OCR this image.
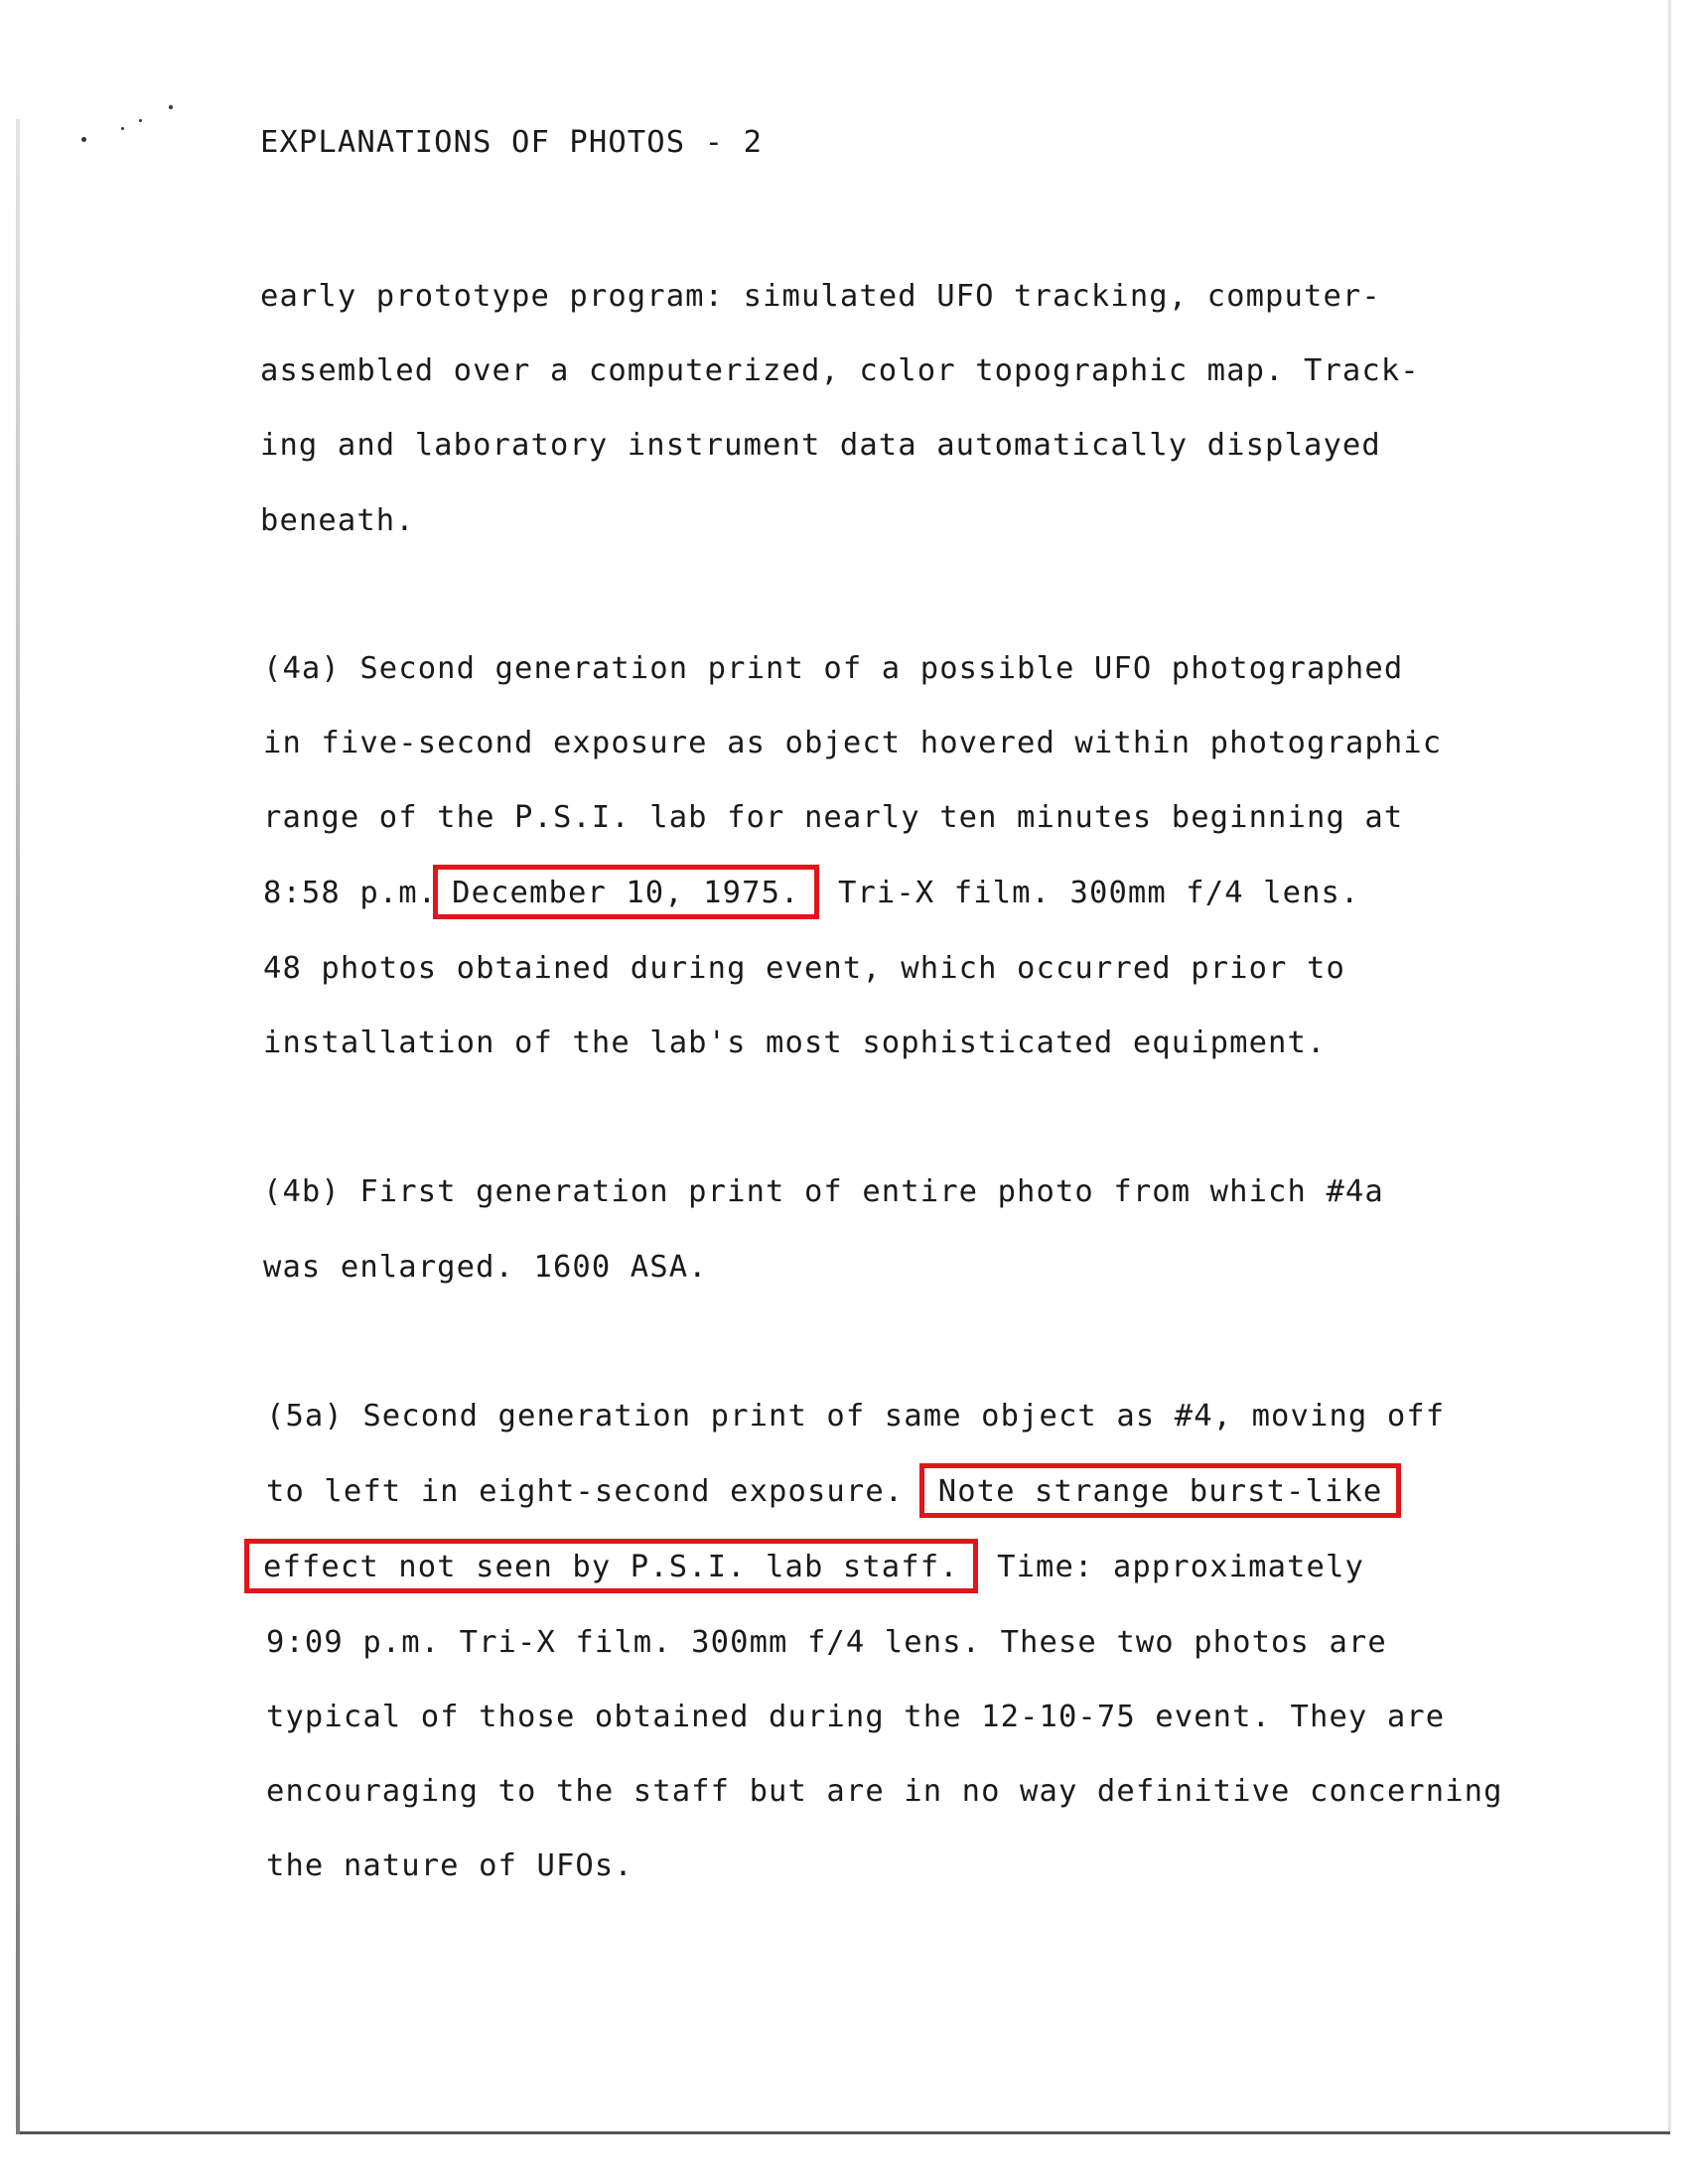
EXPLANATIONS OF PHOTOS - 2
early prototype program: simulated UFO tracking, computer-
assembled over a computerized, color topographic map. Track-
ing and laboratory instrument data automatically displayed
beneath.
(4a) Second generation print of a possible UFO photographed
in five-second exposure as object hovered within photographic
range of the P.S.I. lab for nearly ten minutes beginning at
8:58 p.m. December 10, 1975. Tri-X film. 300mm f/4 lens.
48 photos obtained during event, which occurred prior to
installation of the lab's most sophisticated equipment.
(4b) First generation print of entire photo from which #4a
was enlarged. 1600 ASA.
(5a) Second generation print of same object as #4, moving off
to left in eight-second exposure. Note strange burst-like
effect not seen by P.S.I. lab staff. Time: approximately
9:09 p.m. Tri-X film. 300mm f/4 lens. These two photos are
typical of those obtained during the 12-10-75 event. They are
encouraging to the staff but are in no way definitive concerning
the nature of UFOs.
